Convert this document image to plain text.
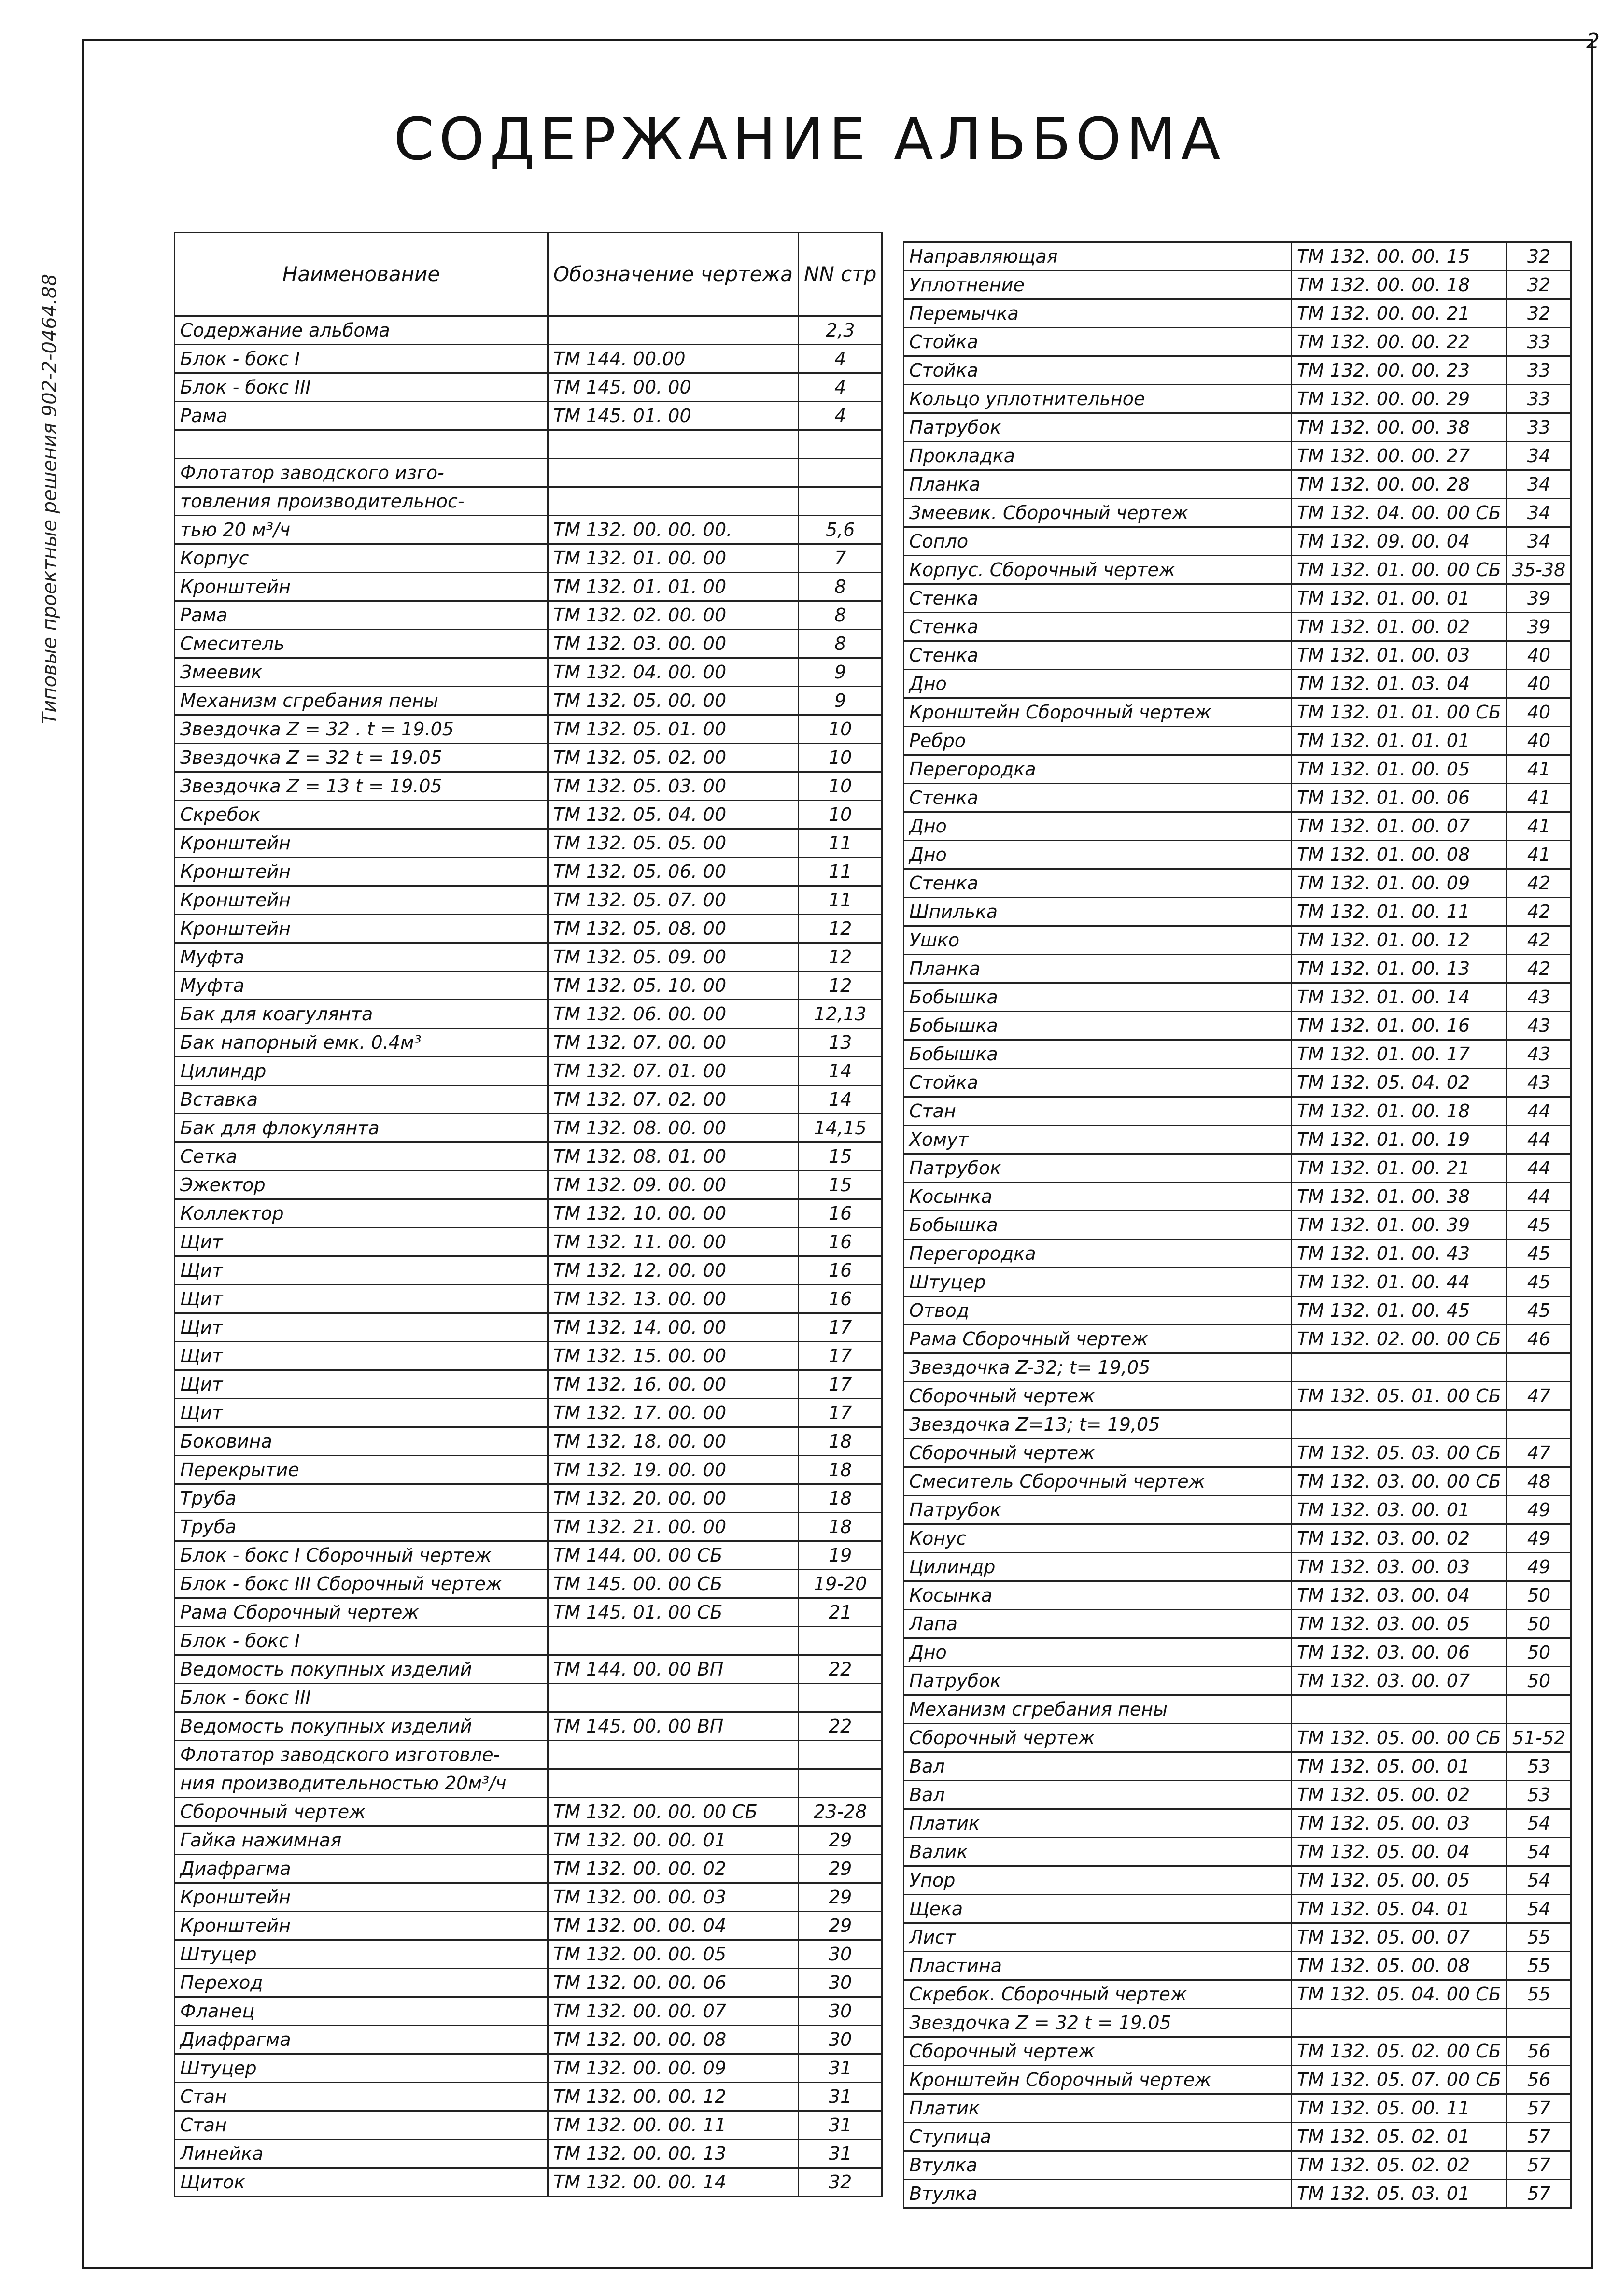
2
Типовые проектные решения 902-2-0464.88
СОДЕРЖАНИЕ АЛЬБОМА
Наименование	Обозначение чертежа	NN стр
Содержание альбома		2,3
Блок - бокс I	ТМ 144. 00.00	4
Блок - бокс III	ТМ 145. 00. 00	4
Рама	ТМ 145. 01. 00	4

Флотатор заводского изго-		
товления производительнос-		
тью 20 м³/ч	ТМ 132. 00. 00. 00.	5,6
Корпус	ТМ 132. 01. 00. 00	7
Кронштейн	ТМ 132. 01. 01. 00	8
Рама	ТМ 132. 02. 00. 00	8
Смеситель	ТМ 132. 03. 00. 00	8
Змеевик	ТМ 132. 04. 00. 00	9
Механизм сгребания пены	ТМ 132. 05. 00. 00	9
Звездочка Z = 32 . t = 19.05	ТМ 132. 05. 01. 00	10
Звездочка Z = 32 t = 19.05	ТМ 132. 05. 02. 00	10
Звездочка Z = 13 t = 19.05	ТМ 132. 05. 03. 00	10
Скребок	ТМ 132. 05. 04. 00	10
Кронштейн	ТМ 132. 05. 05. 00	11
Кронштейн	ТМ 132. 05. 06. 00	11
Кронштейн	ТМ 132. 05. 07. 00	11
Кронштейн	ТМ 132. 05. 08. 00	12
Муфта	ТМ 132. 05. 09. 00	12
Муфта	ТМ 132. 05. 10. 00	12
Бак для коагулянта	ТМ 132. 06. 00. 00	12,13
Бак напорный емк. 0.4м³	ТМ 132. 07. 00. 00	13
Цилиндр	ТМ 132. 07. 01. 00	14
Вставка	ТМ 132. 07. 02. 00	14
Бак для флокулянта	ТМ 132. 08. 00. 00	14,15
Сетка	ТМ 132. 08. 01. 00	15
Эжектор	ТМ 132. 09. 00. 00	15
Коллектор	ТМ 132. 10. 00. 00	16
Щит	ТМ 132. 11. 00. 00	16
Щит	ТМ 132. 12. 00. 00	16
Щит	ТМ 132. 13. 00. 00	16
Щит	ТМ 132. 14. 00. 00	17
Щит	ТМ 132. 15. 00. 00	17
Щит	ТМ 132. 16. 00. 00	17
Щит	ТМ 132. 17. 00. 00	17
Боковина	ТМ 132. 18. 00. 00	18
Перекрытие	ТМ 132. 19. 00. 00	18
Труба	ТМ 132. 20. 00. 00	18
Труба	ТМ 132. 21. 00. 00	18
Блок - бокс I Сборочный чертеж	ТМ 144. 00. 00 СБ	19
Блок - бокс III Сборочный чертеж	ТМ 145. 00. 00 СБ	19-20
Рама Сборочный чертеж	ТМ 145. 01. 00 СБ	21
Блок - бокс I		
Ведомость покупных изделий	ТМ 144. 00. 00 ВП	22
Блок - бокс III		
Ведомость покупных изделий	ТМ 145. 00. 00 ВП	22
Флотатор заводского изготовле-		
ния производительностью 20м³/ч		
Сборочный чертеж	ТМ 132. 00. 00. 00 СБ	23-28
Гайка нажимная	ТМ 132. 00. 00. 01	29
Диафрагма	ТМ 132. 00. 00. 02	29
Кронштейн	ТМ 132. 00. 00. 03	29
Кронштейн	ТМ 132. 00. 00. 04	29
Штуцер	ТМ 132. 00. 00. 05	30
Переход	ТМ 132. 00. 00. 06	30
Фланец	ТМ 132. 00. 00. 07	30
Диафрагма	ТМ 132. 00. 00. 08	30
Штуцер	ТМ 132. 00. 00. 09	31
Стан	ТМ 132. 00. 00. 12	31
Стан	ТМ 132. 00. 00. 11	31
Линейка	ТМ 132. 00. 00. 13	31
Щиток	ТМ 132. 00. 00. 14	32
Направляющая	ТМ 132. 00. 00. 15	32
Уплотнение	ТМ 132. 00. 00. 18	32
Перемычка	ТМ 132. 00. 00. 21	32
Стойка	ТМ 132. 00. 00. 22	33
Стойка	ТМ 132. 00. 00. 23	33
Кольцо уплотнительное	ТМ 132. 00. 00. 29	33
Патрубок	ТМ 132. 00. 00. 38	33
Прокладка	ТМ 132. 00. 00. 27	34
Планка	ТМ 132. 00. 00. 28	34
Змеевик. Сборочный чертеж	ТМ 132. 04. 00. 00 СБ	34
Сопло	ТМ 132. 09. 00. 04	34
Корпус. Сборочный чертеж	ТМ 132. 01. 00. 00 СБ	35-38
Стенка	ТМ 132. 01. 00. 01	39
Стенка	ТМ 132. 01. 00. 02	39
Стенка	ТМ 132. 01. 00. 03	40
Дно	ТМ 132. 01. 03. 04	40
Кронштейн Сборочный чертеж	ТМ 132. 01. 01. 00 СБ	40
Ребро	ТМ 132. 01. 01. 01	40
Перегородка	ТМ 132. 01. 00. 05	41
Стенка	ТМ 132. 01. 00. 06	41
Дно	ТМ 132. 01. 00. 07	41
Дно	ТМ 132. 01. 00. 08	41
Стенка	ТМ 132. 01. 00. 09	42
Шпилька	ТМ 132. 01. 00. 11	42
Ушко	ТМ 132. 01. 00. 12	42
Планка	ТМ 132. 01. 00. 13	42
Бобышка	ТМ 132. 01. 00. 14	43
Бобышка	ТМ 132. 01. 00. 16	43
Бобышка	ТМ 132. 01. 00. 17	43
Стойка	ТМ 132. 05. 04. 02	43
Стан	ТМ 132. 01. 00. 18	44
Хомут	ТМ 132. 01. 00. 19	44
Патрубок	ТМ 132. 01. 00. 21	44
Косынка	ТМ 132. 01. 00. 38	44
Бобышка	ТМ 132. 01. 00. 39	45
Перегородка	ТМ 132. 01. 00. 43	45
Штуцер	ТМ 132. 01. 00. 44	45
Отвод	ТМ 132. 01. 00. 45	45
Рама Сборочный чертеж	ТМ 132. 02. 00. 00 СБ	46
Звездочка Z-32; t= 19,05		
Сборочный чертеж	ТМ 132. 05. 01. 00 СБ	47
Звездочка Z=13; t= 19,05		
Сборочный чертеж	ТМ 132. 05. 03. 00 СБ	47
Смеситель Сборочный чертеж	ТМ 132. 03. 00. 00 СБ	48
Патрубок	ТМ 132. 03. 00. 01	49
Конус	ТМ 132. 03. 00. 02	49
Цилиндр	ТМ 132. 03. 00. 03	49
Косынка	ТМ 132. 03. 00. 04	50
Лапа	ТМ 132. 03. 00. 05	50
Дно	ТМ 132. 03. 00. 06	50
Патрубок	ТМ 132. 03. 00. 07	50
Механизм сгребания пены		
Сборочный чертеж	ТМ 132. 05. 00. 00 СБ	51-52
Вал	ТМ 132. 05. 00. 01	53
Вал	ТМ 132. 05. 00. 02	53
Платик	ТМ 132. 05. 00. 03	54
Валик	ТМ 132. 05. 00. 04	54
Упор	ТМ 132. 05. 00. 05	54
Щека	ТМ 132. 05. 04. 01	54
Лист	ТМ 132. 05. 00. 07	55
Пластина	ТМ 132. 05. 00. 08	55
Скребок. Сборочный чертеж	ТМ 132. 05. 04. 00 СБ	55
Звездочка Z = 32 t = 19.05		
Сборочный чертеж	ТМ 132. 05. 02. 00 СБ	56
Кронштейн Сборочный чертеж	ТМ 132. 05. 07. 00 СБ	56
Платик	ТМ 132. 05. 00. 11	57
Ступица	ТМ 132. 05. 02. 01	57
Втулка	ТМ 132. 05. 02. 02	57
Втулка	ТМ 132. 05. 03. 01	57
